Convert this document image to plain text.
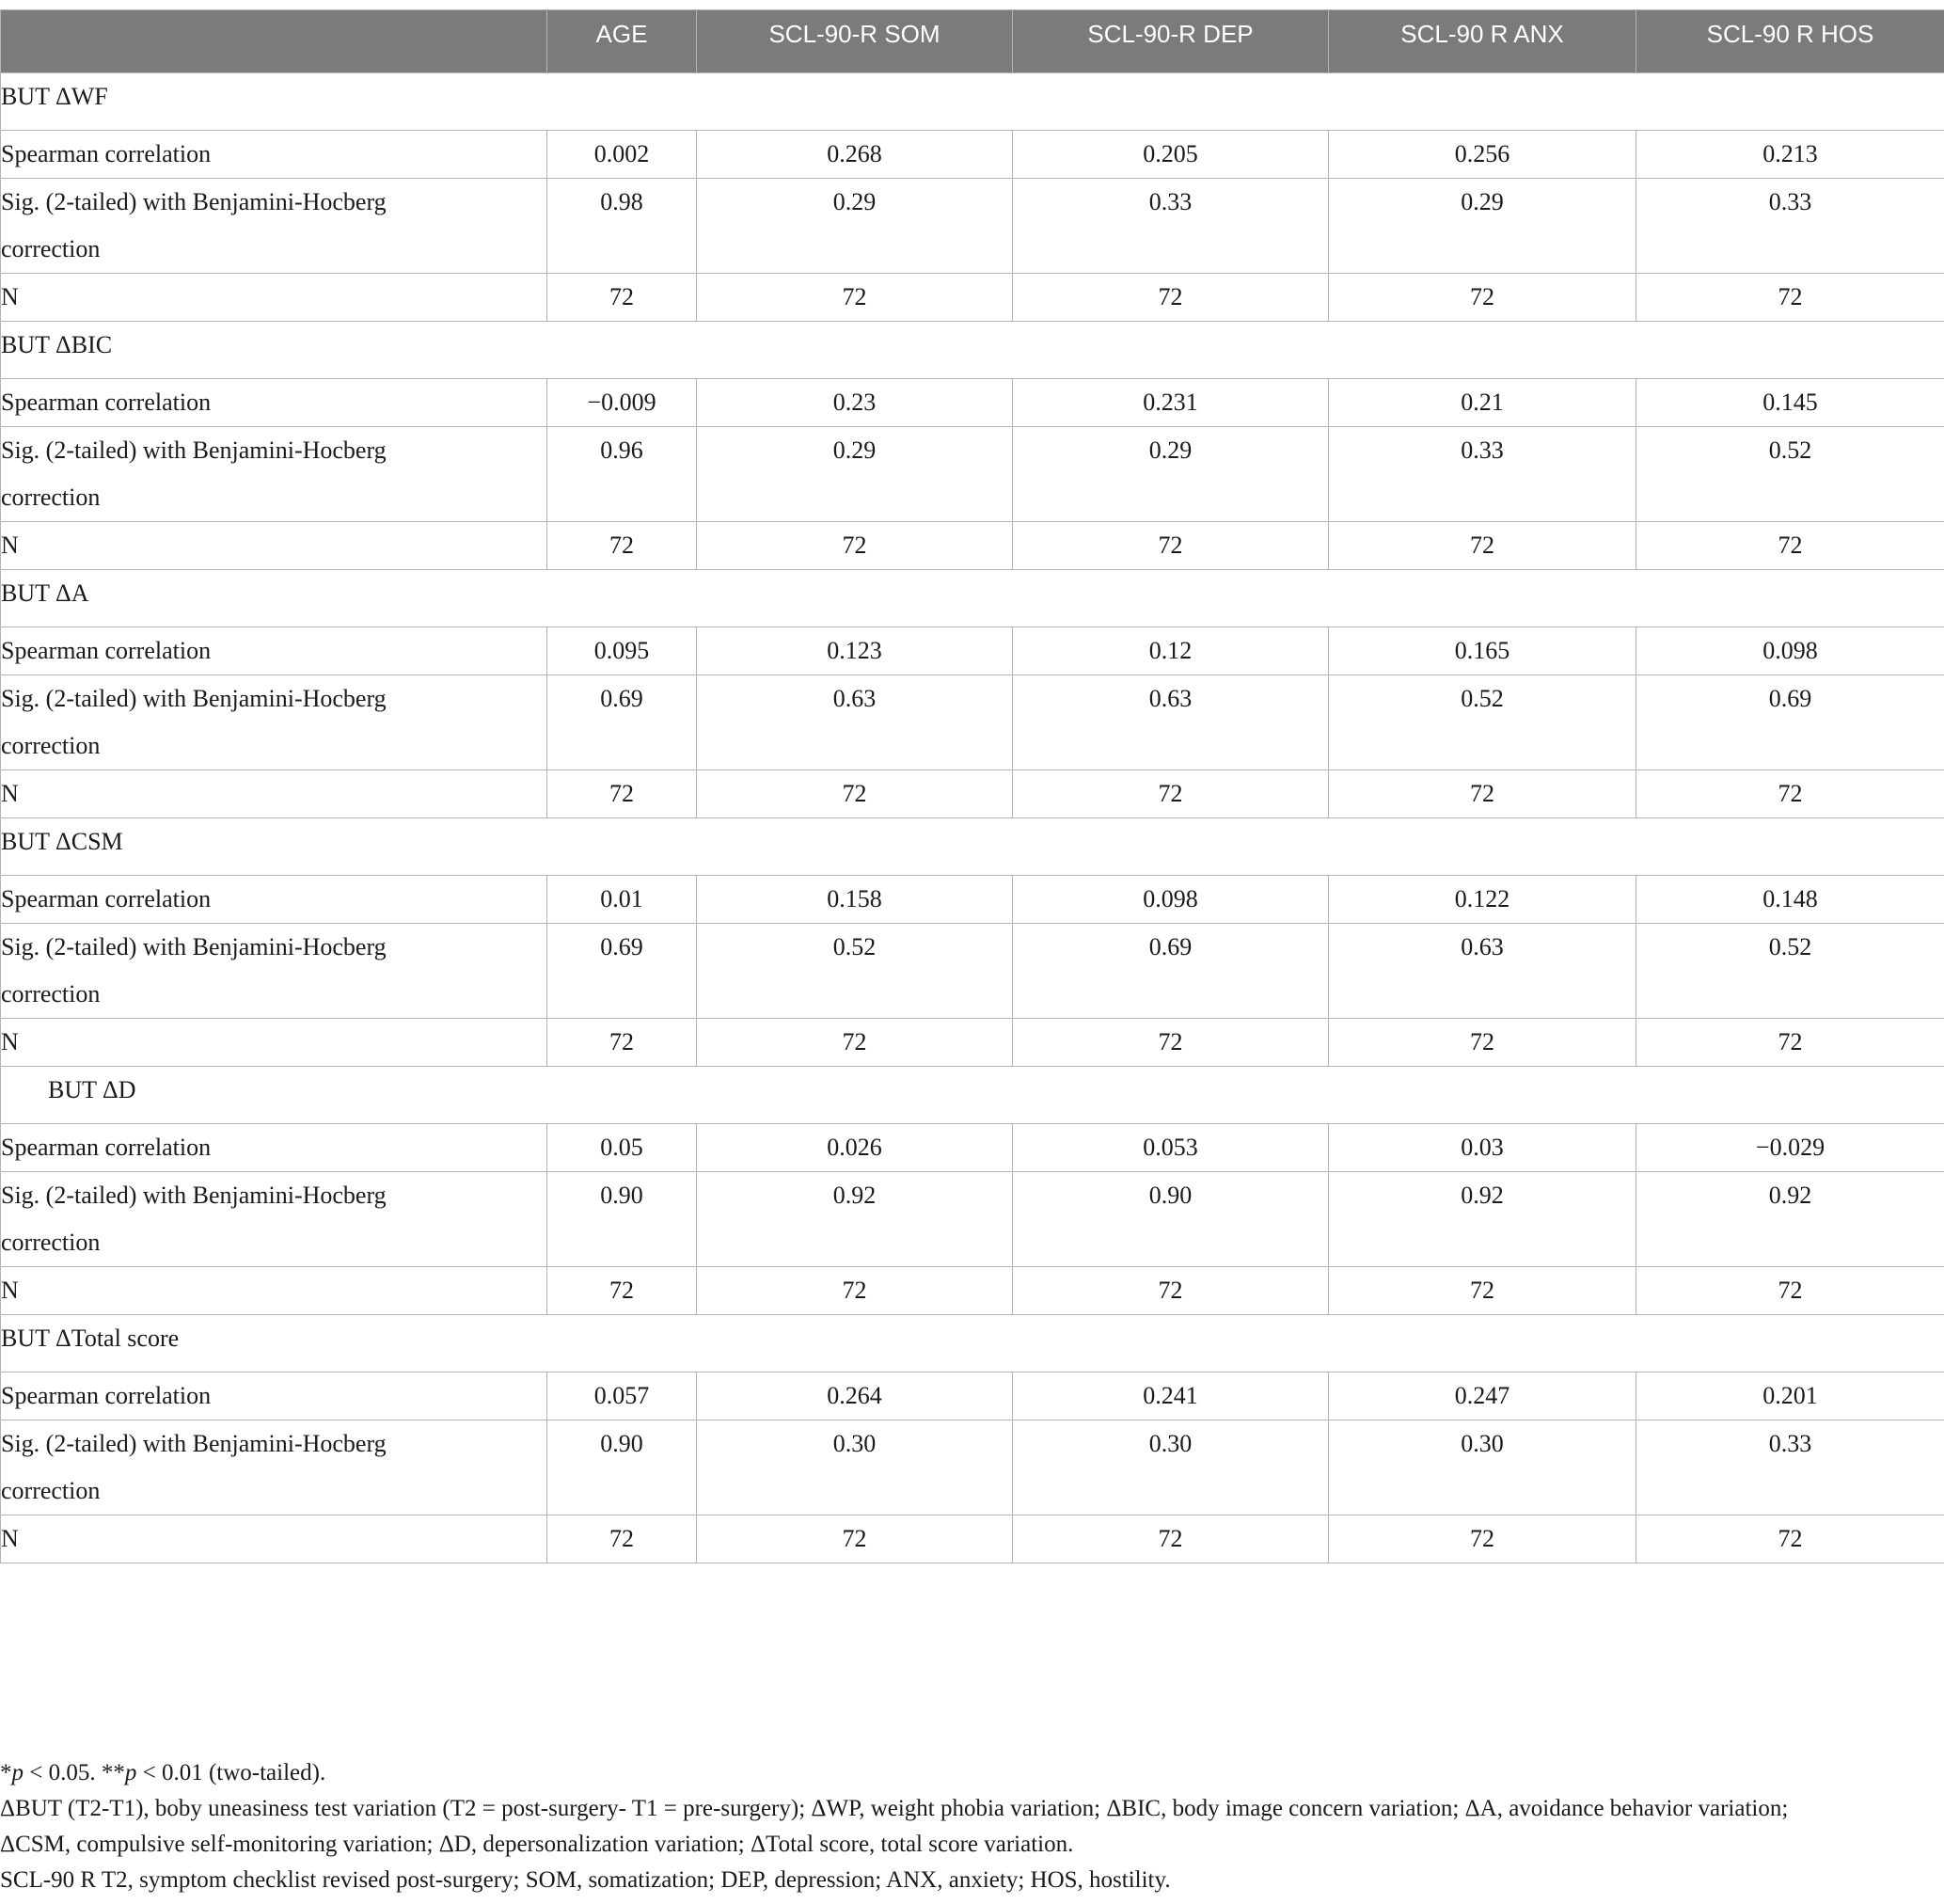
	AGE	SCL-90-R SOM	SCL-90-R DEP	SCL-90 R ANX	SCL-90 R HOS
BUT ΔWF					
Spearman correlation	0.002	0.268	0.205	0.256	0.213

Sig. (2-tailed) with Benjamini-Hocberg
correction	0.98	0.29	0.33	0.29	0.33
N	72	72	72	72	72
BUT ΔBIC					
Spearman correlation	−0.009	0.23	0.231	0.21	0.145

Sig. (2-tailed) with Benjamini-Hocberg
correction	0.96	0.29	0.29	0.33	0.52
N	72	72	72	72	72
BUT ΔA					
Spearman correlation	0.095	0.123	0.12	0.165	0.098

Sig. (2-tailed) with Benjamini-Hocberg
correction	0.69	0.63	0.63	0.52	0.69
N	72	72	72	72	72
BUT ΔCSM					
Spearman correlation	0.01	0.158	0.098	0.122	0.148

Sig. (2-tailed) with Benjamini-Hocberg
correction	0.69	0.52	0.69	0.63	0.52
N	72	72	72	72	72
BUT ΔD					
Spearman correlation	0.05	0.026	0.053	0.03	−0.029

Sig. (2-tailed) with Benjamini-Hocberg
correction	0.90	0.92	0.90	0.92	0.92
N	72	72	72	72	72
BUT ΔTotal score					
Spearman correlation	0.057	0.264	0.241	0.247	0.201

Sig. (2-tailed) with Benjamini-Hocberg
correction	0.90	0.30	0.30	0.30	0.33
N	72	72	72	72	72
*p < 0.05. **p < 0.01 (two-tailed).
ΔBUT (T2-T1), boby uneasiness test variation (T2 = post-surgery- T1 = pre-surgery); ΔWP, weight phobia variation; ΔBIC, body image concern variation; ΔA, avoidance behavior variation;
ΔCSM, compulsive self-monitoring variation; ΔD, depersonalization variation; ΔTotal score, total score variation.
SCL-90 R T2, symptom checklist revised post-surgery; SOM, somatization; DEP, depression; ANX, anxiety; HOS, hostility.
